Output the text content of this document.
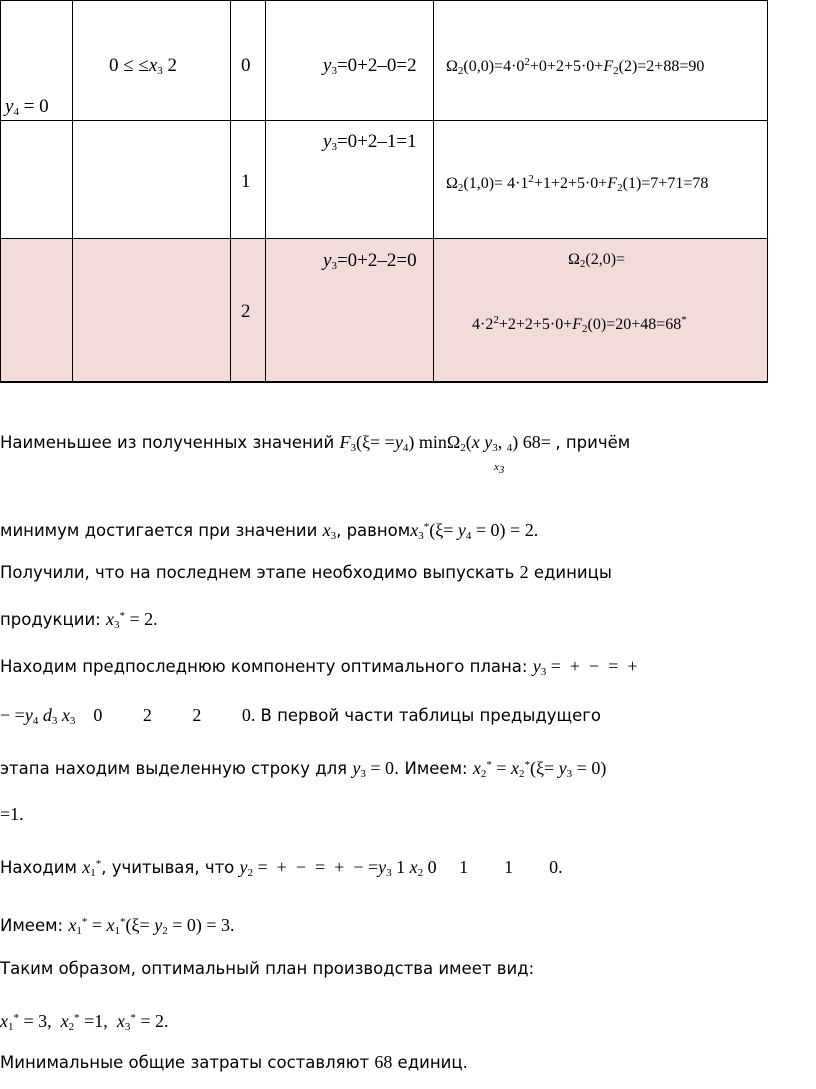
$y_4 = 0$	$0 \le \le x_3$ 2	0	$y_3=0+2-0=2$	$\Omega_2(0,0)=4\cdot 0^2+0+2+5\cdot 0+F_2(2)=2+88=90$

		1	$y_3=0+2-1=1$	$\Omega_2(1,0)= 4\cdot 1^2+1+2+5\cdot 0+F_2(1)=7+71=78$

		2	$y_3=0+2-2=0$	$\Omega_2(2,0)=$
$4\cdot 2^2+2+2+5\cdot 0+F_2(0)=20+48=68^*$
Наименьшее из полученных значений $F_3(\xi= =y_4)$ minΩ$_2$(x $y_3$, $_4$) 68= , причём
$x_3$
минимум достигается при значении $x_3$, равномx$_3$*(ξ= $y_4 = 0) = 2$.
Получили, что на последнем этапе необходимо выпускать 2 единицы
продукции: $x_3^* = 2$.
Находим предпоследнюю компоненту оптимального плана: $y_3$ =  +  −  =  +
− $=y_4$ $d_3$ $x_3$    0         2         2         0. В первой части таблицы предыдущего
этапа находим выделенную строку для $y_3 = 0$. Имеем: $x_2^* = x_2^*(\xi= y_3 = 0)$
=1.
Находим $x_1^*$, учитывая, что $y_2$ =  +  −  =  +  − $=y_3$ 1 $x_2$ 0     1        1        0.
Имеем: $x_1^* = x_1^*(\xi= y_2 = 0) = 3$.
Таким образом, оптимальный план производства имеет вид:
$x_1^* = 3$,  $x_2^* =1$,  $x_3^* = 2$.
Минимальные общие затраты составляют 68 единиц.
